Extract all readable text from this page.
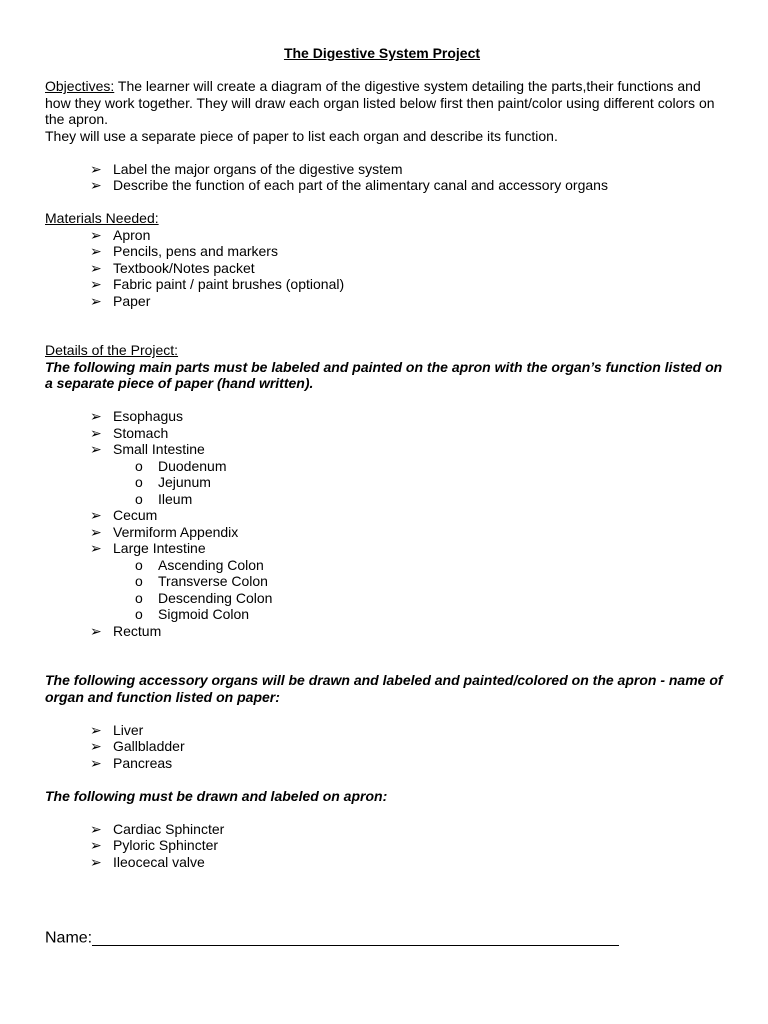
The Digestive System Project
Objectives: The learner will create a diagram of the digestive system detailing the parts,their functions and how they work together. They will draw each organ listed below first then paint/color using different colors on the apron.
They will use a separate piece of paper to list each organ and describe its function.
➢ Label the major organs of the digestive system
➢ Describe the function of each part of the alimentary canal and accessory organs
Materials Needed:
➢ Apron
➢ Pencils, pens and markers
➢ Textbook/Notes packet
➢ Fabric paint / paint brushes (optional)
➢ Paper
Details of the Project:
The following main parts must be labeled and painted on the apron with the organ’s function listed on a separate piece of paper (hand written).
➢ Esophagus
➢ Stomach
➢ Small Intestine
o Duodenum
o Jejunum
o Ileum
➢ Cecum
➢ Vermiform Appendix
➢ Large Intestine
o Ascending Colon
o Transverse Colon
o Descending Colon
o Sigmoid Colon
➢ Rectum
The following accessory organs will be drawn and labeled and painted/colored on the apron - name of organ and function listed on paper:
➢ Liver
➢ Gallbladder
➢ Pancreas
The following must be drawn and labeled on apron:
➢ Cardiac Sphincter
➢ Pyloric Sphincter
➢ Ileocecal valve
Name:
